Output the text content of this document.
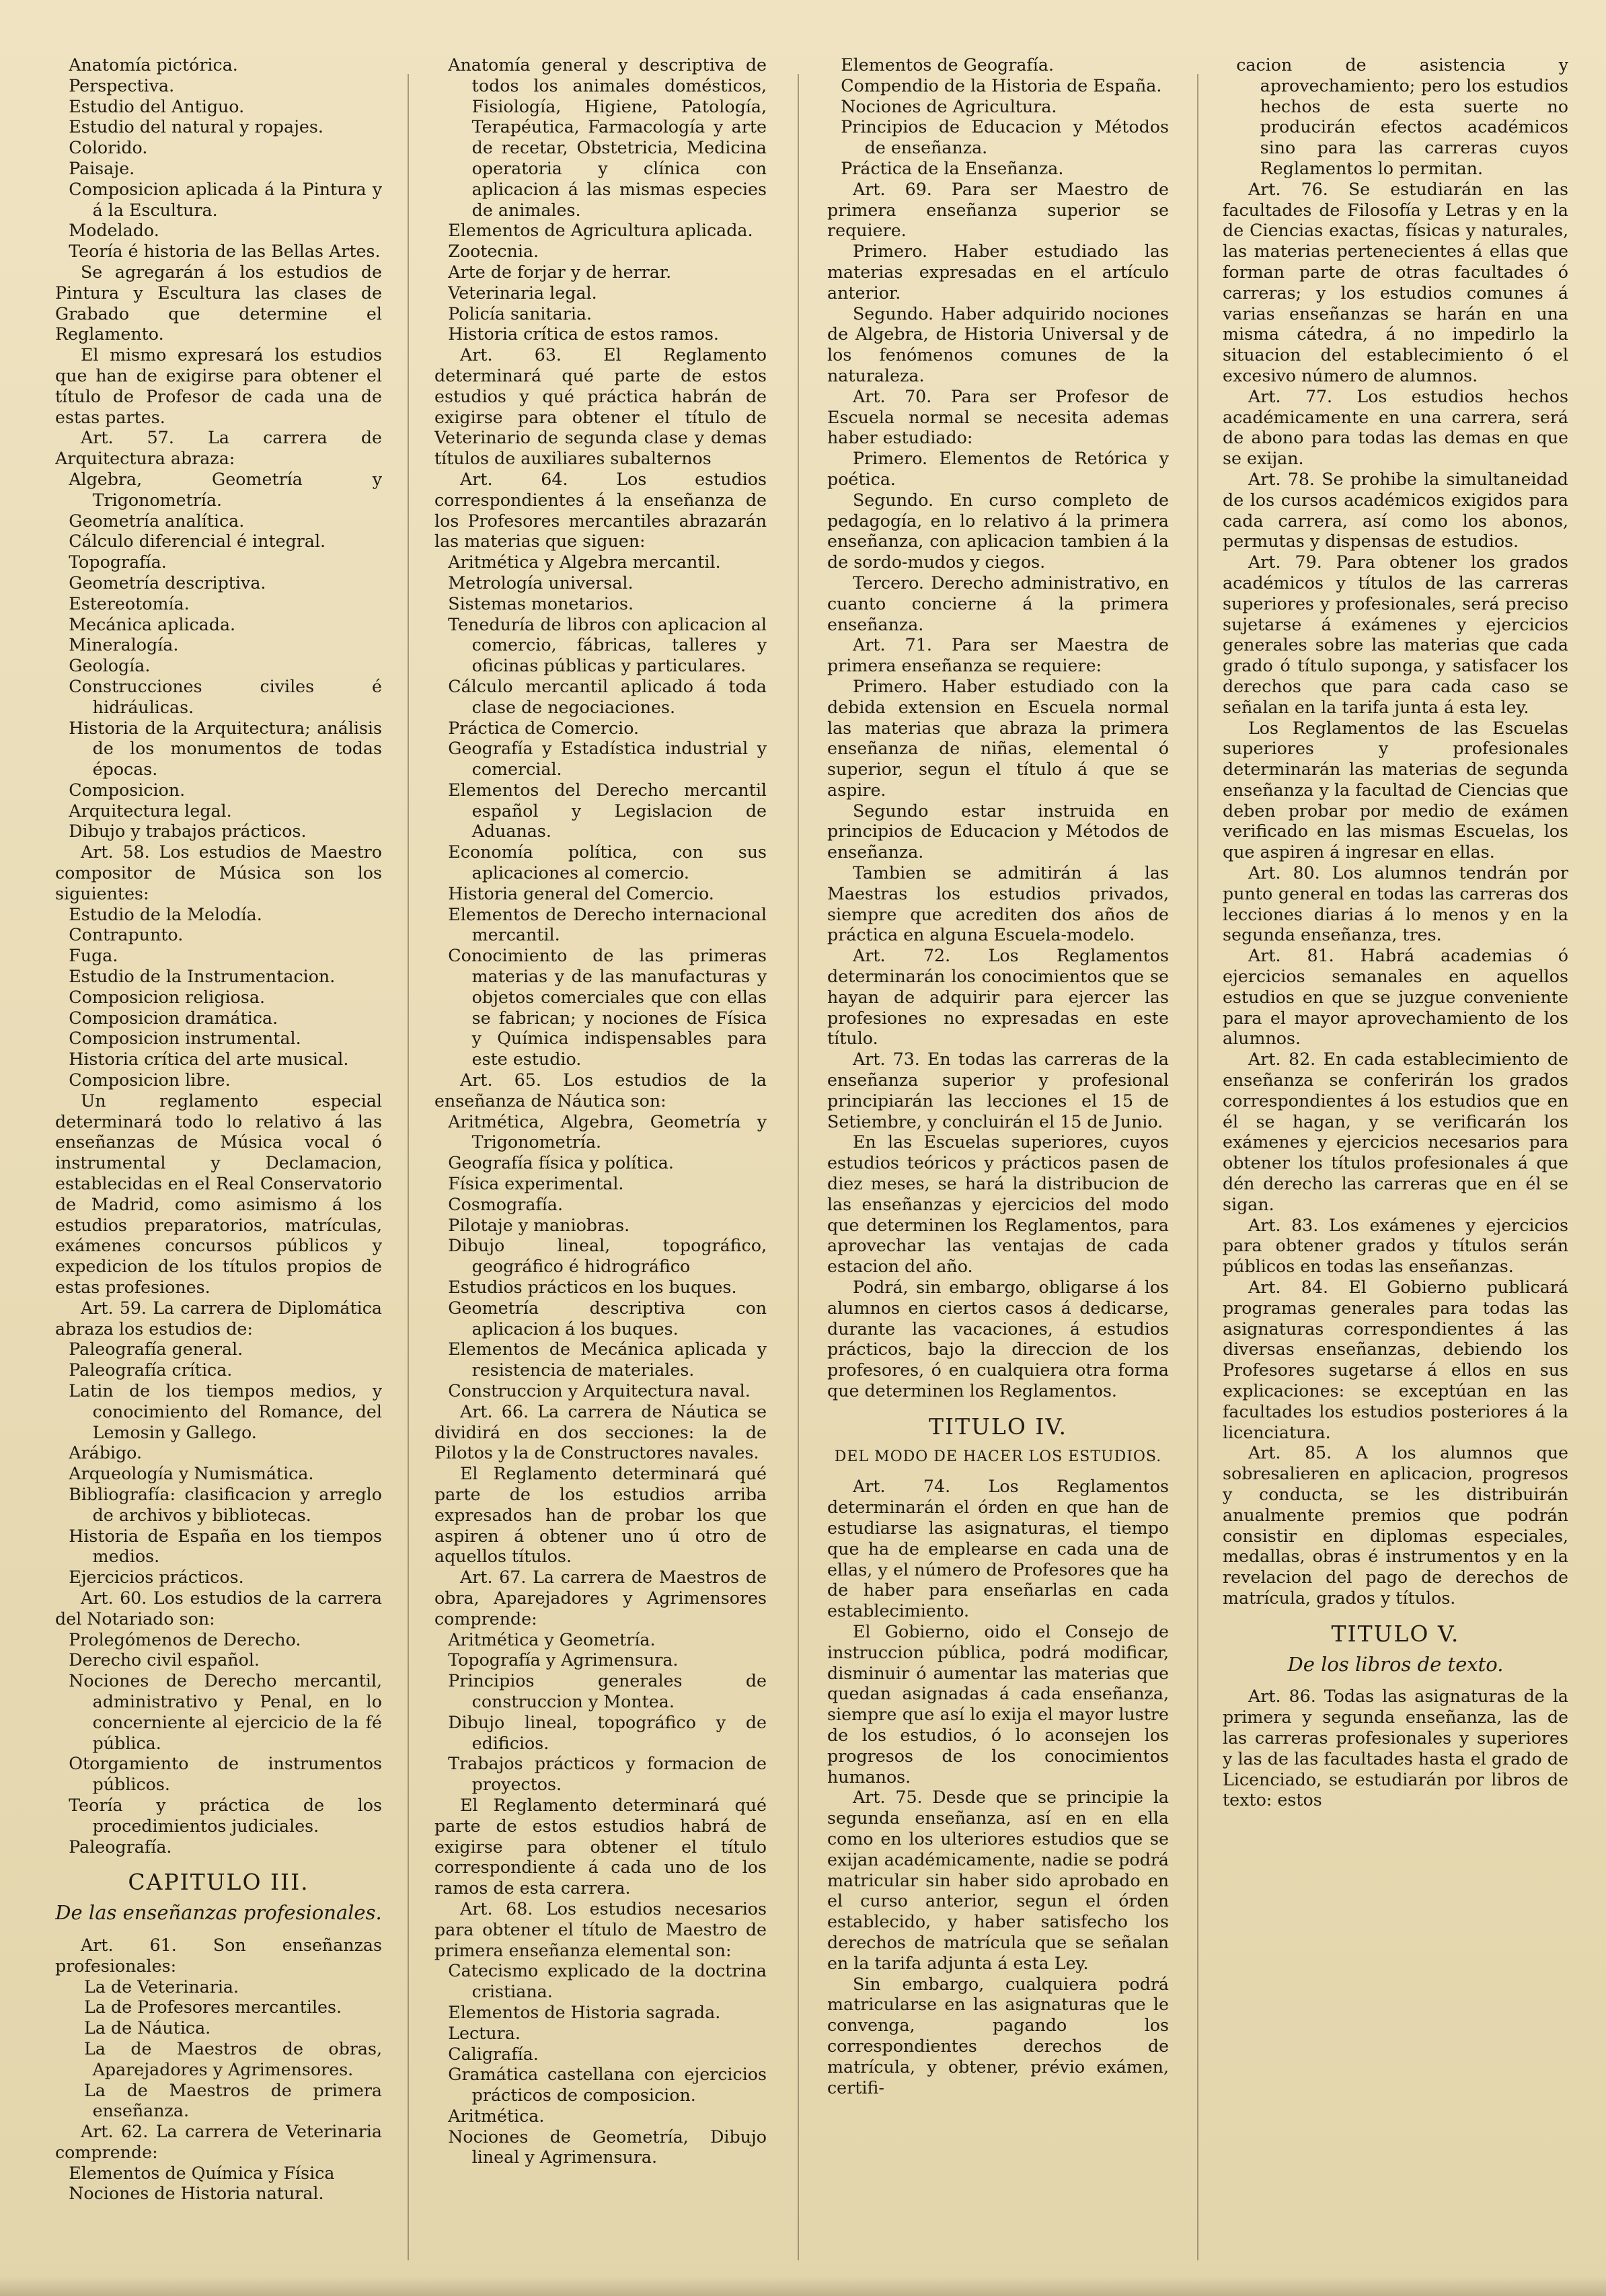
Anatomía pictórica.

Perspectiva.

Estudio del Antiguo.

Estudio del natural y ropajes.

Colorido.

Paisaje.

Composicion aplicada á la Pintura y á la Escultura.

Modelado.

Teoría é historia de las Bellas Artes.

Se agregarán á los estudios de Pintura y Escultura las clases de Grabado que determine el Reglamento.

El mismo expresará los estudios que han de exigirse para obtener el título de Profesor de cada una de estas partes.

Art. 57. La carrera de Arquitectura abraza:

Algebra, Geometría y Trigonometría.

Geometría analítica.

Cálculo diferencial é integral.

Topografía.

Geometría descriptiva.

Estereotomía.

Mecánica aplicada.

Mineralogía.

Geología.

Construcciones civiles é hidráulicas.

Historia de la Arquitectura; análisis de los monumentos de todas épocas.

Composicion.

Arquitectura legal.

Dibujo y trabajos prácticos.

Art. 58. Los estudios de Maestro compositor de Música son los siguientes:

Estudio de la Melodía.

Contrapunto.

Fuga.

Estudio de la Instrumentacion.

Composicion religiosa.

Composicion dramática.

Composicion instrumental.

Historia crítica del arte musical.

Composicion libre.

Un reglamento especial determinará todo lo relativo á las enseñanzas de Música vocal ó instrumental y Declamacion, establecidas en el Real Conservatorio de Madrid, como asimismo á los estudios preparatorios, matrículas, exámenes concursos públicos y expedicion de los títulos propios de estas profesiones.

Art. 59. La carrera de Diplomática abraza los estudios de:

Paleografía general.

Paleografía crítica.

Latin de los tiempos medios, y conocimiento del Romance, del Lemosin y Gallego.

Arábigo.

Arqueología y Numismática.

Bibliografía: clasificacion y arreglo de archivos y bibliotecas.

Historia de España en los tiempos medios.

Ejercicios prácticos.

Art. 60. Los estudios de la carrera del Notariado son:

Prolegómenos de Derecho.

Derecho civil español.

Nociones de Derecho mercantil, administrativo y Penal, en lo concerniente al ejercicio de la fé pública.

Otorgamiento de instrumentos públicos.

Teoría y práctica de los procedimientos judiciales.

Paleografía.

CAPITULO III.

De las enseñanzas profesionales.

Art. 61. Son enseñanzas profesionales:

La de Veterinaria.

La de Profesores mercantiles.

La de Náutica.

La de Maestros de obras, Aparejadores y Agrimensores.

La de Maestros de primera enseñanza.

Art. 62. La carrera de Veterinaria comprende:

Elementos de Química y Física

Nociones de Historia natural.

Anatomía general y descriptiva de todos los animales domésticos, Fisiología, Higiene, Patología, Terapéutica, Farmacología y arte de recetar, Obstetricia, Medicina operatoria y clínica con aplicacion á las mismas especies de animales.

Elementos de Agricultura aplicada.

Zootecnia.

Arte de forjar y de herrar.

Veterinaria legal.

Policía sanitaria.

Historia crítica de estos ramos.

Art. 63. El Reglamento determinará qué parte de estos estudios y qué práctica habrán de exigirse para obtener el título de Veterinario de segunda clase y demas títulos de auxiliares subalternos

Art. 64. Los estudios correspondientes á la enseñanza de los Profesores mercantiles abrazarán las materias que siguen:

Aritmética y Algebra mercantil.

Metrología universal.

Sistemas monetarios.

Teneduría de libros con aplicacion al comercio, fábricas, talleres y oficinas públicas y particulares.

Cálculo mercantil aplicado á toda clase de negociaciones.

Práctica de Comercio.

Geografía y Estadística industrial y comercial.

Elementos del Derecho mercantil español y Legislacion de Aduanas.

Economía política, con sus aplicaciones al comercio.

Historia general del Comercio.

Elementos de Derecho internacional mercantil.

Conocimiento de las primeras materias y de las manufacturas y objetos comerciales que con ellas se fabrican; y nociones de Física y Química indispensables para este estudio.

Art. 65. Los estudios de la enseñanza de Náutica son:

Aritmética, Algebra, Geometría y Trigonometría.

Geografía física y política.

Física experimental.

Cosmografía.

Pilotaje y maniobras.

Dibujo lineal, topográfico, geográfico é hidrográfico

Estudios prácticos en los buques.

Geometría descriptiva con aplicacion á los buques.

Elementos de Mecánica aplicada y resistencia de materiales.

Construccion y Arquitectura naval.

Art. 66. La carrera de Náutica se dividirá en dos secciones: la de Pilotos y la de Constructores navales.

El Reglamento determinará qué parte de los estudios arriba expresados han de probar los que aspiren á obtener uno ú otro de aquellos títulos.

Art. 67. La carrera de Maestros de obra, Aparejadores y Agrimensores comprende:

Aritmética y Geometría.

Topografía y Agrimensura.

Principios generales de construccion y Montea.

Dibujo lineal, topográfico y de edificios.

Trabajos prácticos y formacion de proyectos.

El Reglamento determinará qué parte de estos estudios habrá de exigirse para obtener el título correspondiente á cada uno de los ramos de esta carrera.

Art. 68. Los estudios necesarios para obtener el título de Maestro de primera enseñanza elemental son:

Catecismo explicado de la doctrina cristiana.

Elementos de Historia sagrada.

Lectura.

Caligrafía.

Gramática castellana con ejercicios prácticos de composicion.

Aritmética.

Nociones de Geometría, Dibujo lineal y Agrimensura.

Elementos de Geografía.

Compendio de la Historia de España.

Nociones de Agricultura.

Principios de Educacion y Métodos de enseñanza.

Práctica de la Enseñanza.

Art. 69. Para ser Maestro de primera enseñanza superior se requiere.

Primero. Haber estudiado las materias expresadas en el artículo anterior.

Segundo. Haber adquirido nociones de Algebra, de Historia Universal y de los fenómenos comunes de la naturaleza.

Art. 70. Para ser Profesor de Escuela normal se necesita ademas haber estudiado:

Primero. Elementos de Retórica y poética.

Segundo. En curso completo de pedagogía, en lo relativo á la primera enseñanza, con aplicacion tambien á la de sordo-mudos y ciegos.

Tercero. Derecho administrativo, en cuanto concierne á la primera enseñanza.

Art. 71. Para ser Maestra de primera enseñanza se requiere:

Primero. Haber estudiado con la debida extension en Escuela normal las materias que abraza la primera enseñanza de niñas, elemental ó superior, segun el título á que se aspire.

Segundo estar instruida en principios de Educacion y Métodos de enseñanza.

Tambien se admitirán á las Maestras los estudios privados, siempre que acrediten dos años de práctica en alguna Escuela-modelo.

Art. 72. Los Reglamentos determinarán los conocimientos que se hayan de adquirir para ejercer las profesiones no expresadas en este título.

Art. 73. En todas las carreras de la enseñanza superior y profesional principiarán las lecciones el 15 de Setiembre, y concluirán el 15 de Junio.

En las Escuelas superiores, cuyos estudios teóricos y prácticos pasen de diez meses, se hará la distribucion de las enseñanzas y ejercicios del modo que determinen los Reglamentos, para aprovechar las ventajas de cada estacion del año.

Podrá, sin embargo, obligarse á los alumnos en ciertos casos á dedicarse, durante las vacaciones, á estudios prácticos, bajo la direccion de los profesores, ó en cualquiera otra forma que determinen los Reglamentos.

TITULO IV.

DEL MODO DE HACER LOS ESTUDIOS.

Art. 74. Los Reglamentos determinarán el órden en que han de estudiarse las asignaturas, el tiempo que ha de emplearse en cada una de ellas, y el número de Profesores que ha de haber para enseñarlas en cada establecimiento.

El Gobierno, oido el Consejo de instruccion pública, podrá modificar, disminuir ó aumentar las materias que quedan asignadas á cada enseñanza, siempre que así lo exija el mayor lustre de los estudios, ó lo aconsejen los progresos de los conocimientos humanos.

Art. 75. Desde que se principie la segunda enseñanza, así en en ella como en los ulteriores estudios que se exijan académicamente, nadie se podrá matricular sin haber sido aprobado en el curso anterior, segun el órden establecido, y haber satisfecho los derechos de matrícula que se señalan en la tarifa adjunta á esta Ley.

Sin embargo, cualquiera podrá matricularse en las asignaturas que le convenga, pagando los correspondientes derechos de matrícula, y obtener, prévio exámen, certifi-

cacion de asistencia y aprovechamiento; pero los estudios hechos de esta suerte no producirán efectos académicos sino para las carreras cuyos Reglamentos lo permitan.

Art. 76. Se estudiarán en las facultades de Filosofía y Letras y en la de Ciencias exactas, físicas y naturales, las materias pertenecientes á ellas que forman parte de otras facultades ó carreras; y los estudios comunes á varias enseñanzas se harán en una misma cátedra, á no impedirlo la situacion del establecimiento ó el excesivo número de alumnos.

Art. 77. Los estudios hechos académicamente en una carrera, será de abono para todas las demas en que se exijan.

Art. 78. Se prohibe la simultaneidad de los cursos académicos exigidos para cada carrera, así como los abonos, permutas y dispensas de estudios.

Art. 79. Para obtener los grados académicos y títulos de las carreras superiores y profesionales, será preciso sujetarse á exámenes y ejercicios generales sobre las materias que cada grado ó título suponga, y satisfacer los derechos que para cada caso se señalan en la tarifa junta á esta ley.

Los Reglamentos de las Escuelas superiores y profesionales determinarán las materias de segunda enseñanza y la facultad de Ciencias que deben probar por medio de exámen verificado en las mismas Escuelas, los que aspiren á ingresar en ellas.

Art. 80. Los alumnos tendrán por punto general en todas las carreras dos lecciones diarias á lo menos y en la segunda enseñanza, tres.

Art. 81. Habrá academias ó ejercicios semanales en aquellos estudios en que se juzgue conveniente para el mayor aprovechamiento de los alumnos.

Art. 82. En cada establecimiento de enseñanza se conferirán los grados correspondientes á los estudios que en él se hagan, y se verificarán los exámenes y ejercicios necesarios para obtener los títulos profesionales á que dén derecho las carreras que en él se sigan.

Art. 83. Los exámenes y ejercicios para obtener grados y títulos serán públicos en todas las enseñanzas.

Art. 84. El Gobierno publicará programas generales para todas las asignaturas correspondientes á las diversas enseñanzas, debiendo los Profesores sugetarse á ellos en sus explicaciones: se exceptúan en las facultades los estudios posteriores á la licenciatura.

Art. 85. A los alumnos que sobresalieren en aplicacion, progresos y conducta, se les distribuirán anualmente premios que podrán consistir en diplomas especiales, medallas, obras é instrumentos y en la revelacion del pago de derechos de matrícula, grados y títulos.

TITULO V.

De los libros de texto.

Art. 86. Todas las asignaturas de la primera y segunda enseñanza, las de las carreras profesionales y superiores y las de las facultades hasta el grado de Licenciado, se estudiarán por libros de texto: estos
